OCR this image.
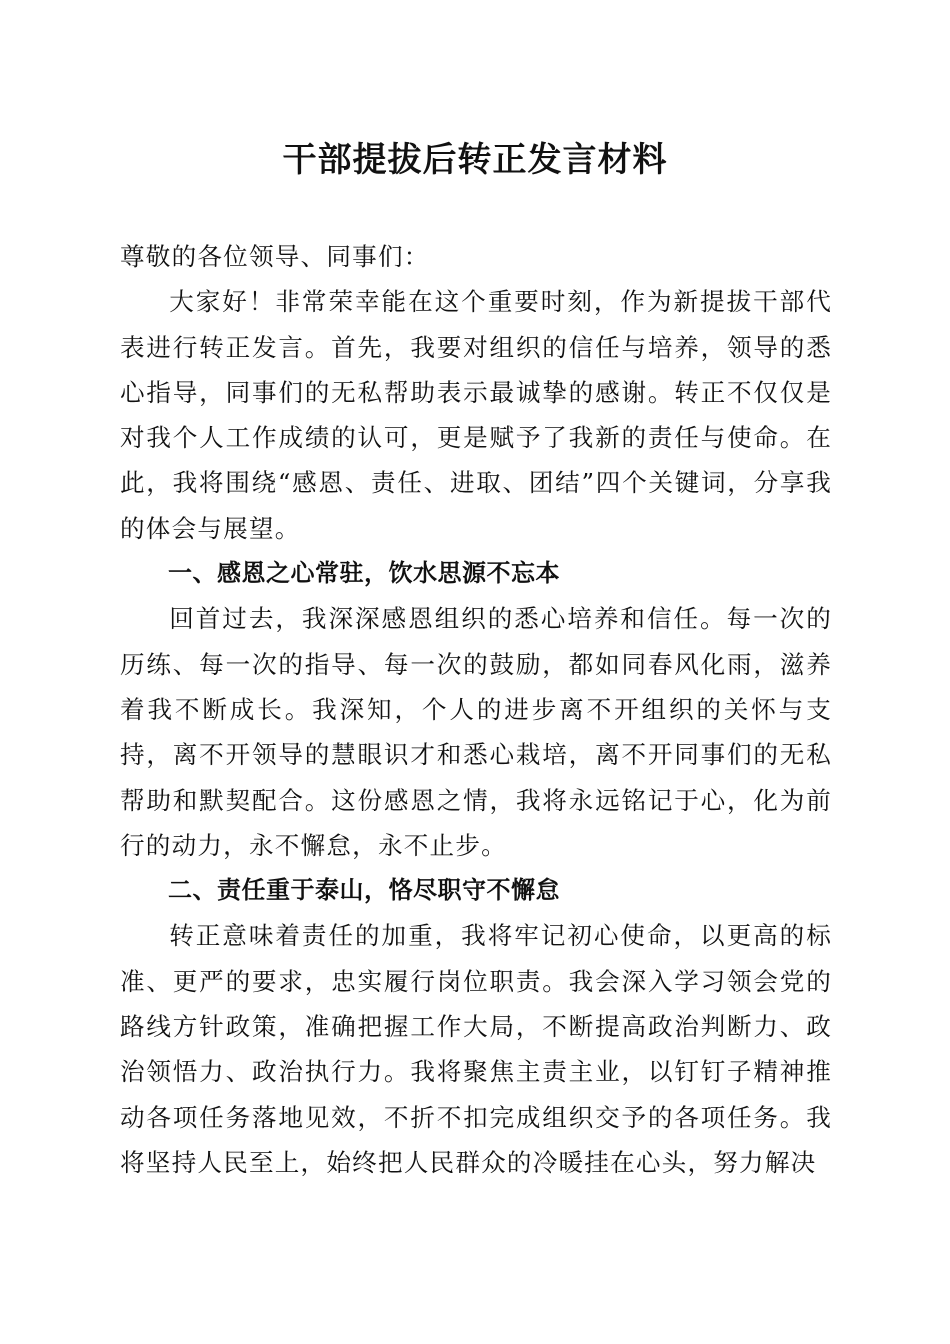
干部提拔后转正发言材料

尊敬的各位领导、同事们：

大家好！非常荣幸能在这个重要时刻，作为新提拔干部代表进行转正发言。首先，我要对组织的信任与培养，领导的悉心指导，同事们的无私帮助表示最诚挚的感谢。转正不仅仅是对我个人工作成绩的认可，更是赋予了我新的责任与使命。在此，我将围绕“感恩、责任、进取、团结”四个关键词，分享我的体会与展望。

一、感恩之心常驻，饮水思源不忘本

回首过去，我深深感恩组织的悉心培养和信任。每一次的历练、每一次的指导、每一次的鼓励，都如同春风化雨，滋养着我不断成长。我深知，个人的进步离不开组织的关怀与支持，离不开领导的慧眼识才和悉心栽培，离不开同事们的无私帮助和默契配合。这份感恩之情，我将永远铭记于心，化为前行的动力，永不懈怠，永不止步。

二、责任重于泰山，恪尽职守不懈怠

转正意味着责任的加重，我将牢记初心使命，以更高的标准、更严的要求，忠实履行岗位职责。我会深入学习领会党的路线方针政策，准确把握工作大局，不断提高政治判断力、政治领悟力、政治执行力。我将聚焦主责主业，以钉钉子精神推动各项任务落地见效，不折不扣完成组织交予的各项任务。我将坚持人民至上，始终把人民群众的冷暖挂在心头，努力解决
